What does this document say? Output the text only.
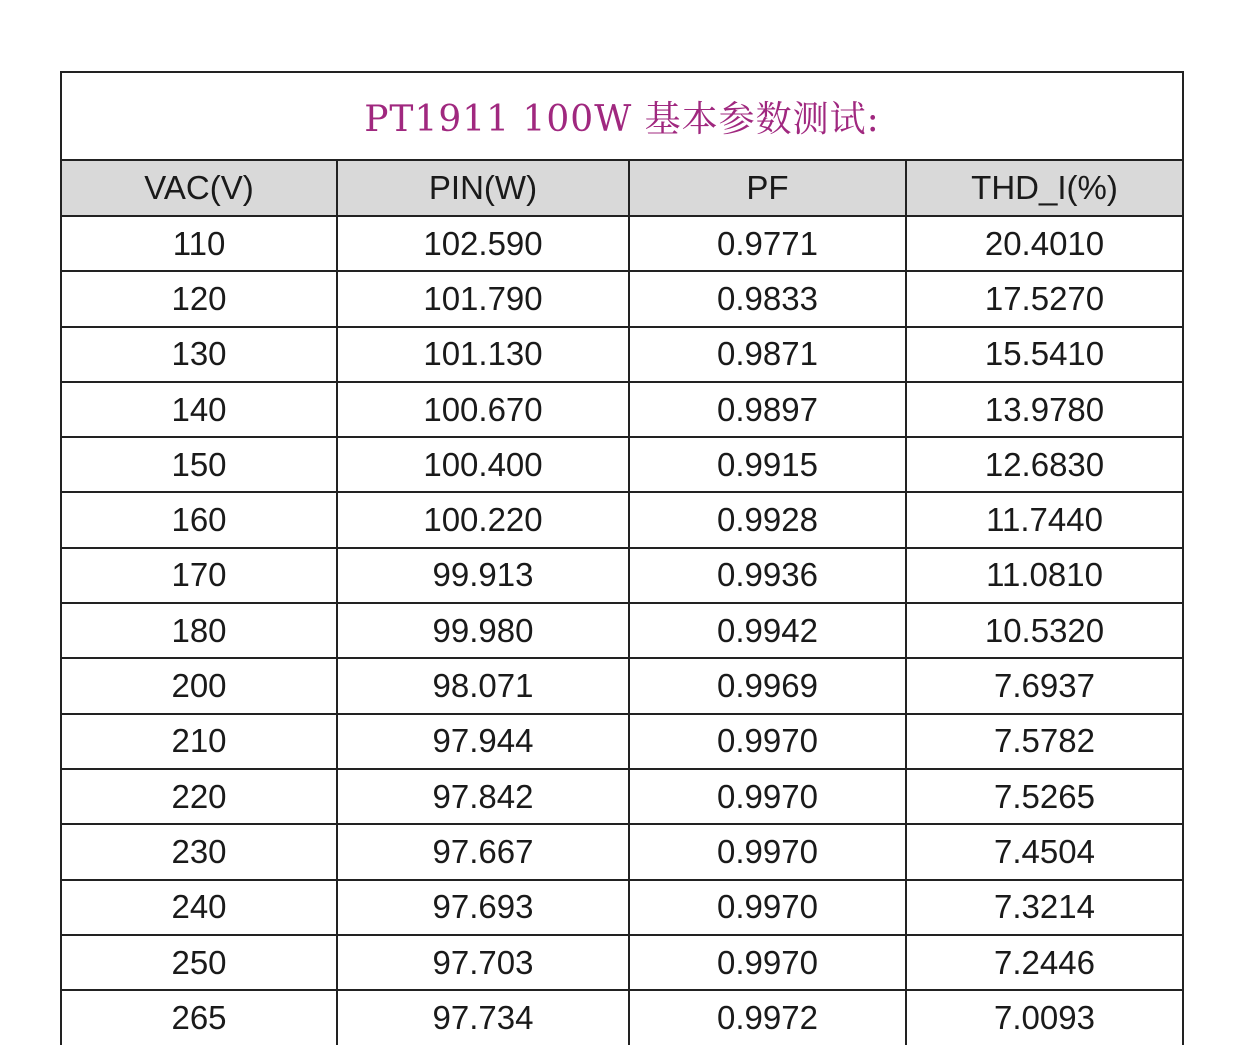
PT1911 100W 基本参数测试:
VAC(V)	PIN(W)	PF	THD_I(%)
110	102.590	0.9771	20.4010
120	101.790	0.9833	17.5270
130	101.130	0.9871	15.5410
140	100.670	0.9897	13.9780
150	100.400	0.9915	12.6830
160	100.220	0.9928	11.7440
170	99.913	0.9936	11.0810
180	99.980	0.9942	10.5320
200	98.071	0.9969	7.6937
210	97.944	0.9970	7.5782
220	97.842	0.9970	7.5265
230	97.667	0.9970	7.4504
240	97.693	0.9970	7.3214
250	97.703	0.9970	7.2446
265	97.734	0.9972	7.0093
